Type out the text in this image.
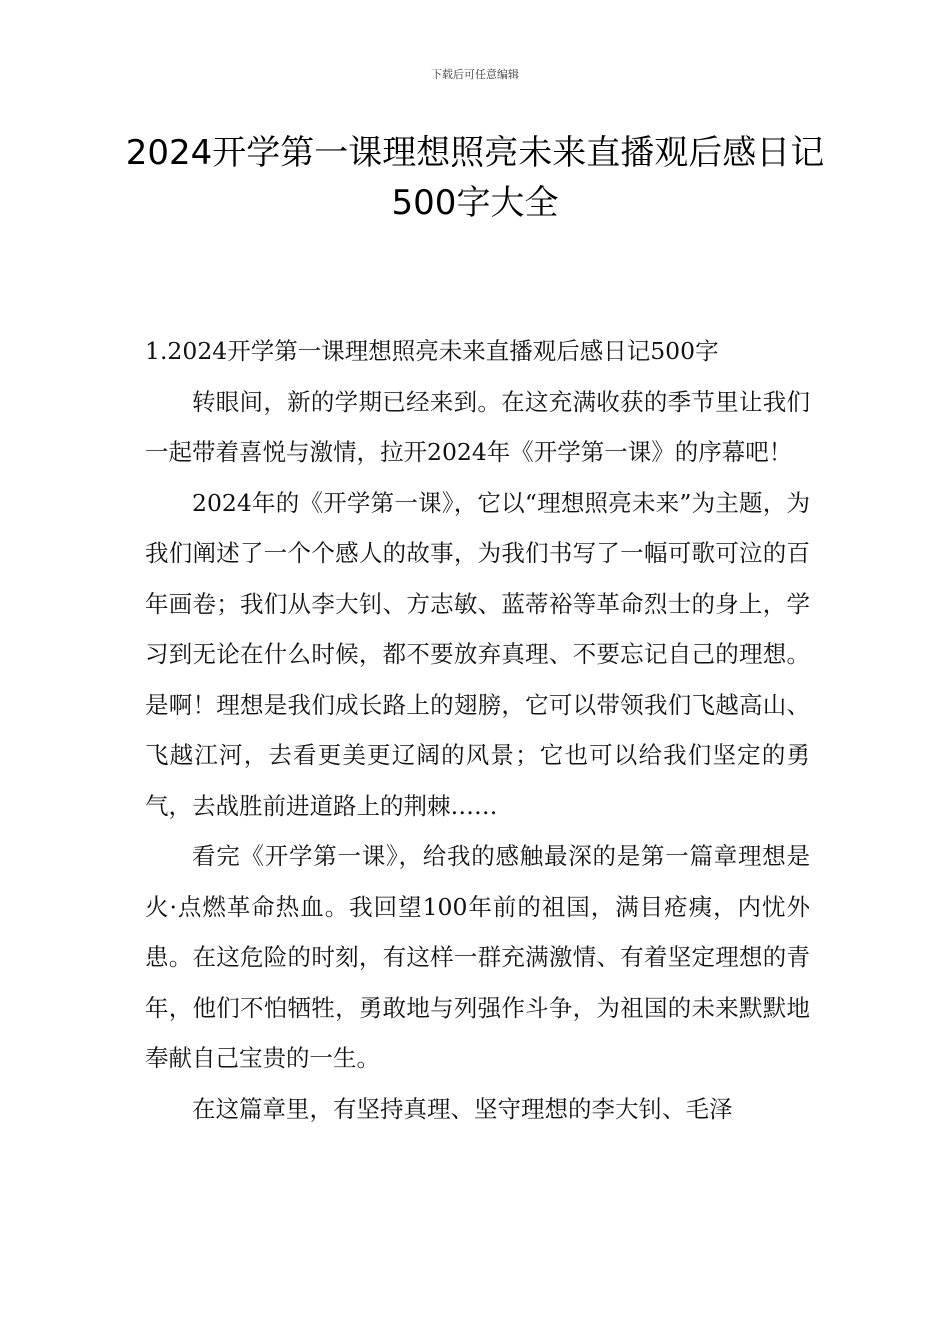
下载后可任意编辑
2024开学第一课理想照亮未来直播观后感日记500字大全

1.2024开学第一课理想照亮未来直播观后感日记500字

转眼间，新的学期已经来到。在这充满收获的季节里让我们一起带着喜悦与激情，拉开2024年《开学第一课》的序幕吧！

2024年的《开学第一课》，它以“理想照亮未来”为主题，为我们阐述了一个个感人的故事，为我们书写了一幅可歌可泣的百年画卷；我们从李大钊、方志敏、蓝蒂裕等革命烈士的身上，学习到无论在什么时候，都不要放弃真理、不要忘记自己的理想。是啊！理想是我们成长路上的翅膀，它可以带领我们飞越高山、飞越江河，去看更美更辽阔的风景；它也可以给我们坚定的勇气，去战胜前进道路上的荆棘……

看完《开学第一课》，给我的感触最深的是第一篇章理想是火·点燃革命热血。我回望100年前的祖国，满目疮痍，内忧外患。在这危险的时刻，有这样一群充满激情、有着坚定理想的青年，他们不怕牺牲，勇敢地与列强作斗争，为祖国的未来默默地奉献自己宝贵的一生。

在这篇章里，有坚持真理、坚守理想的李大钊、毛泽
